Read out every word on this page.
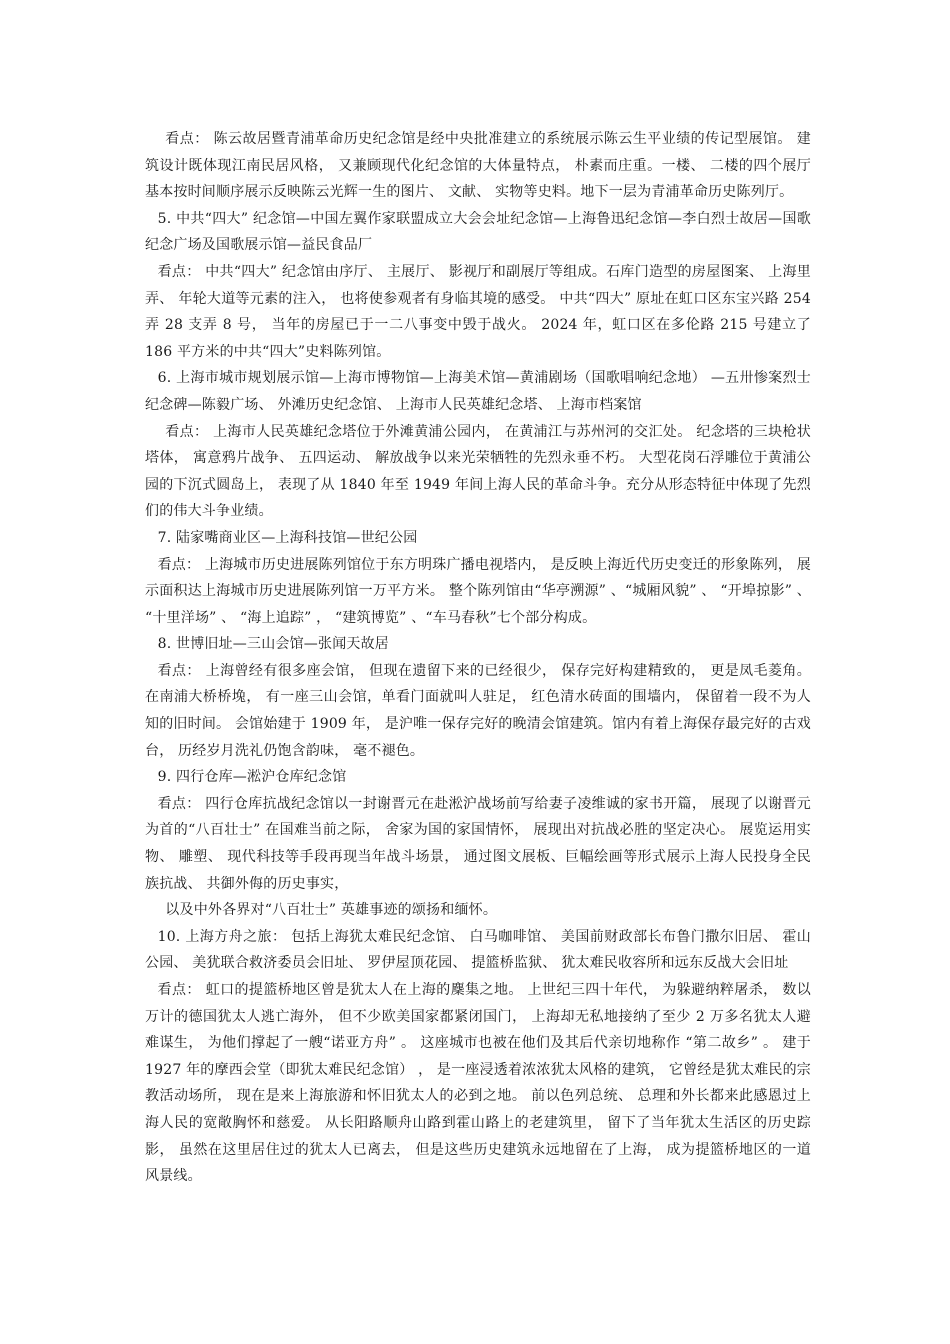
看点： 陈云故居暨青浦革命历史纪念馆是经中央批准建立的系统展示陈云生平业绩的传记型展馆。 建筑设计既体现江南民居风格， 又兼顾现代化纪念馆的大体量特点， 朴素而庄重。一楼、 二楼的四个展厅基本按时间顺序展示反映陈云光辉一生的图片、 文献、 实物等史料。地下一层为青浦革命历史陈列厅。

5. 中共“四大” 纪念馆—中国左翼作家联盟成立大会会址纪念馆—上海鲁迅纪念馆—李白烈士故居—国歌纪念广场及国歌展示馆—益民食品厂

看点： 中共“四大” 纪念馆由序厅、 主展厅、 影视厅和副展厅等组成。石库门造型的房屋图案、 上海里弄、 年轮大道等元素的注入， 也将使参观者有身临其境的感受。 中共“四大” 原址在虹口区东宝兴路 254 弄 28 支弄 8 号， 当年的房屋已于一二八事变中毁于战火。 2024 年，虹口区在多伦路 215 号建立了 186 平方米的中共“四大”史料陈列馆。

6. 上海市城市规划展示馆—上海市博物馆—上海美术馆—黄浦剧场（国歌唱响纪念地） —五卅惨案烈士纪念碑—陈毅广场、 外滩历史纪念馆、 上海市人民英雄纪念塔、 上海市档案馆

看点： 上海市人民英雄纪念塔位于外滩黄浦公园内， 在黄浦江与苏州河的交汇处。 纪念塔的三块枪状塔体， 寓意鸦片战争、 五四运动、 解放战争以来光荣牺牲的先烈永垂不朽。 大型花岗石浮雕位于黄浦公园的下沉式圆岛上， 表现了从 1840 年至 1949 年间上海人民的革命斗争。充分从形态特征中体现了先烈们的伟大斗争业绩。

7. 陆家嘴商业区—上海科技馆—世纪公园

看点： 上海城市历史进展陈列馆位于东方明珠广播电视塔内， 是反映上海近代历史变迁的形象陈列， 展示面积达上海城市历史进展陈列馆一万平方米。 整个陈列馆由“华亭溯源” 、“城厢风貌” 、 “开埠掠影” 、 “十里洋场” 、 “海上追踪” ， “建筑博览” 、“车马春秋”七个部分构成。

8. 世博旧址—三山会馆—张闻天故居

看点： 上海曾经有很多座会馆， 但现在遗留下来的已经很少， 保存完好构建精致的， 更是凤毛菱角。 在南浦大桥桥堍， 有一座三山会馆，单看门面就叫人驻足， 红色清水砖面的围墙内， 保留着一段不为人知的旧时间。 会馆始建于 1909 年， 是沪唯一保存完好的晚清会馆建筑。馆内有着上海保存最完好的古戏台， 历经岁月洗礼仍饱含韵味， 毫不褪色。

9. 四行仓库—淞沪仓库纪念馆

看点： 四行仓库抗战纪念馆以一封谢晋元在赴淞沪战场前写给妻子凌维诚的家书开篇， 展现了以谢晋元为首的“八百壮士” 在国难当前之际， 舍家为国的家国情怀， 展现出对抗战必胜的坚定决心。 展览运用实物、 雕塑、 现代科技等手段再现当年战斗场景， 通过图文展板、巨幅绘画等形式展示上海人民投身全民族抗战、 共御外侮的历史事实，

以及中外各界对“八百壮士” 英雄事迹的颂扬和缅怀。

10. 上海方舟之旅： 包括上海犹太难民纪念馆、 白马咖啡馆、 美国前财政部长布鲁门撒尔旧居、 霍山公园、 美犹联合救济委员会旧址、 罗伊屋顶花园、 提篮桥监狱、 犹太难民收容所和远东反战大会旧址

看点： 虹口的提篮桥地区曾是犹太人在上海的麇集之地。 上世纪三四十年代， 为躲避纳粹屠杀， 数以万计的德国犹太人逃亡海外， 但不少欧美国家都紧闭国门， 上海却无私地接纳了至少 2 万多名犹太人避难谋生， 为他们撑起了一艘“诺亚方舟” 。 这座城市也被在他们及其后代亲切地称作 “第二故乡” 。 建于 1927 年的摩西会堂（即犹太难民纪念馆） ， 是一座浸透着浓浓犹太风格的建筑， 它曾经是犹太难民的宗教活动场所， 现在是来上海旅游和怀旧犹太人的必到之地。 前以色列总统、 总理和外长都来此感恩过上海人民的宽敞胸怀和慈爱。 从长阳路顺舟山路到霍山路上的老建筑里， 留下了当年犹太生活区的历史踪影， 虽然在这里居住过的犹太人已离去， 但是这些历史建筑永远地留在了上海， 成为提篮桥地区的一道风景线。
